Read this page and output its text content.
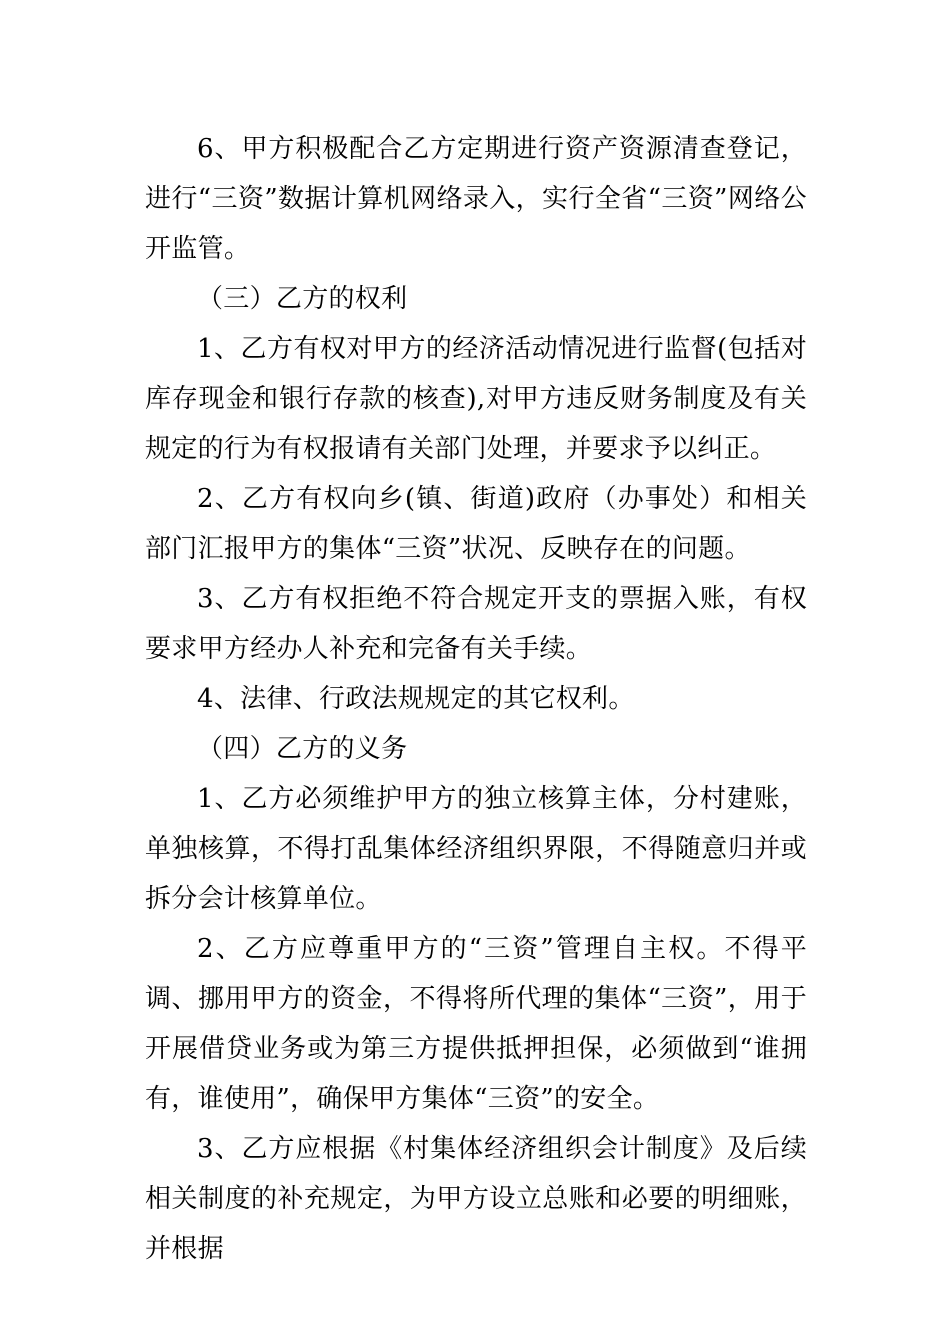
6、甲方积极配合乙方定期进行资产资源清查登记，进行“三资”数据计算机网络录入，实行全省“三资”网络公开监管。

（三）乙方的权利

1、乙方有权对甲方的经济活动情况进行监督(包括对库存现金和银行存款的核查),对甲方违反财务制度及有关规定的行为有权报请有关部门处理，并要求予以纠正。

2、乙方有权向乡(镇、街道)政府（办事处）和相关部门汇报甲方的集体“三资”状况、反映存在的问题。

3、乙方有权拒绝不符合规定开支的票据入账，有权要求甲方经办人补充和完备有关手续。

4、法律、行政法规规定的其它权利。

（四）乙方的义务

1、乙方必须维护甲方的独立核算主体，分村建账，单独核算，不得打乱集体经济组织界限，不得随意归并或拆分会计核算单位。

2、乙方应尊重甲方的“三资”管理自主权。不得平调、挪用甲方的资金，不得将所代理的集体“三资”，用于开展借贷业务或为第三方提供抵押担保，必须做到“谁拥有，谁使用”，确保甲方集体“三资”的安全。

3、乙方应根据《村集体经济组织会计制度》及后续相关制度的补充规定，为甲方设立总账和必要的明细账，并根据
